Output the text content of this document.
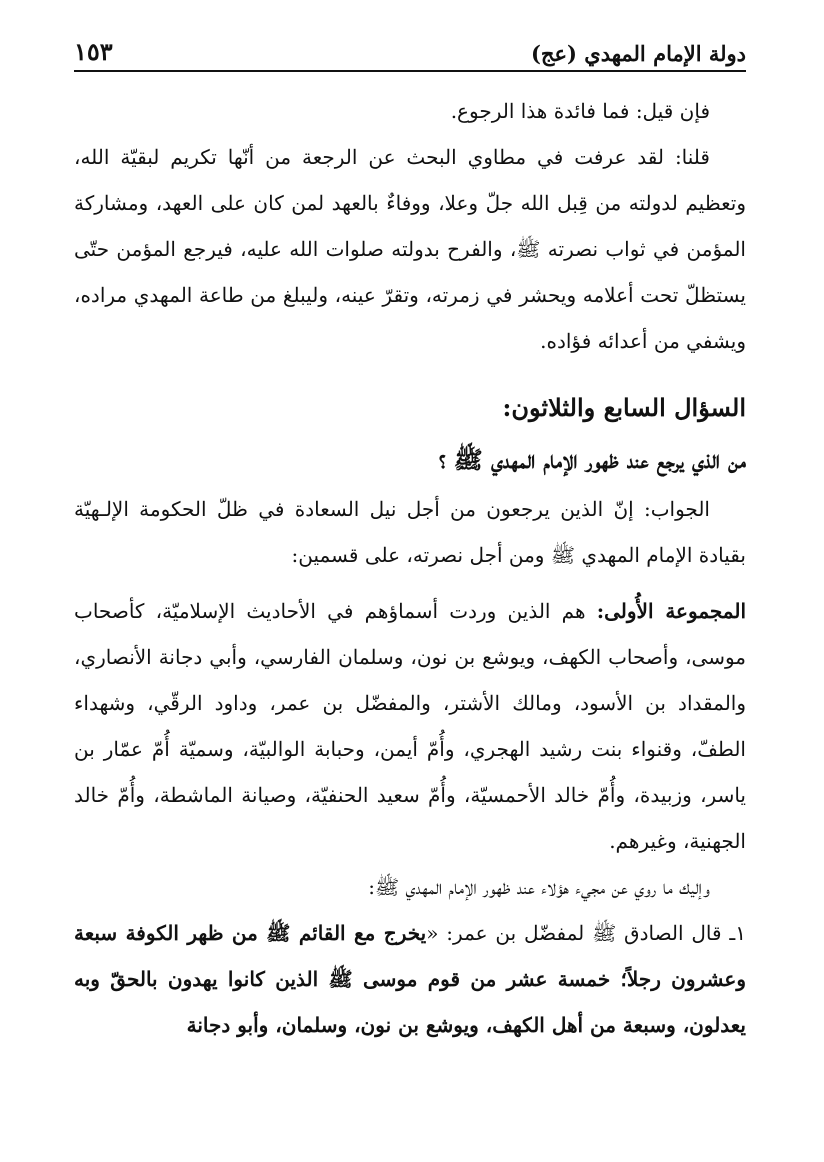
دولة الإمام المهدي (عج)
١٥٣

فإن قيل: فما فائدة هذا الرجوع.

قلنا: لقد عرفت في مطاوي البحث عن الرجعة من أنّها تكريم لبقيّة الله، وتعظيم لدولته من قِبل الله جلّ وعلا، ووفاءٌ بالعهد لمن كان على العهد، ومشاركة المؤمن في ثواب نصرته ﷺ، والفرح بدولته صلوات الله عليه، فيرجع المؤمن حتّى يستظلّ تحت أعلامه ويحشر في زمرته، وتقرّ عينه، وليبلغ من طاعة المهدي مراده، ويشفي من أعدائه فؤاده.

السؤال السابع والثلاثون:
من الذي يرجع عند ظهور الإمام المهدي ﷺ ؟

الجواب: إنّ الذين يرجعون من أجل نيل السعادة في ظلّ الحكومة الإلـهيّة بقيادة الإمام المهدي ﷺ ومن أجل نصرته، على قسمين:

المجموعة الأُولى: هم الذين وردت أسماؤهم في الأحاديث الإسلاميّة، كأصحاب موسى، وأصحاب الكهف، ويوشع بن نون، وسلمان الفارسي، وأبي دجانة الأنصاري، والمقداد بن الأسود، ومالك الأشتر، والمفضّل بن عمر، وداود الرقّي، وشهداء الطفّ، وقنواء بنت رشيد الهجري، وأُمّ أيمن، وحبابة الوالبيّة، وسميّة أُمّ عمّار بن ياسر، وزبيدة، وأُمّ خالد الأحمسيّة، وأُمّ سعيد الحنفيّة، وصيانة الماشطة، وأُمّ خالد الجهنية، وغيرهم.

وإليك ما روي عن مجيء هؤلاء عند ظهور الإمام المهدي ﷺ:

١ـ قال الصادق ﷺ لمفضّل بن عمر: «يخرج مع القائم ﷺ من ظهر الكوفة سبعة وعشرون رجلاً؛ خمسة عشر من قوم موسى ﷺ الذين كانوا يهدون بالحقّ وبه يعدلون، وسبعة من أهل الكهف، ويوشع بن نون، وسلمان، وأبو دجانة
